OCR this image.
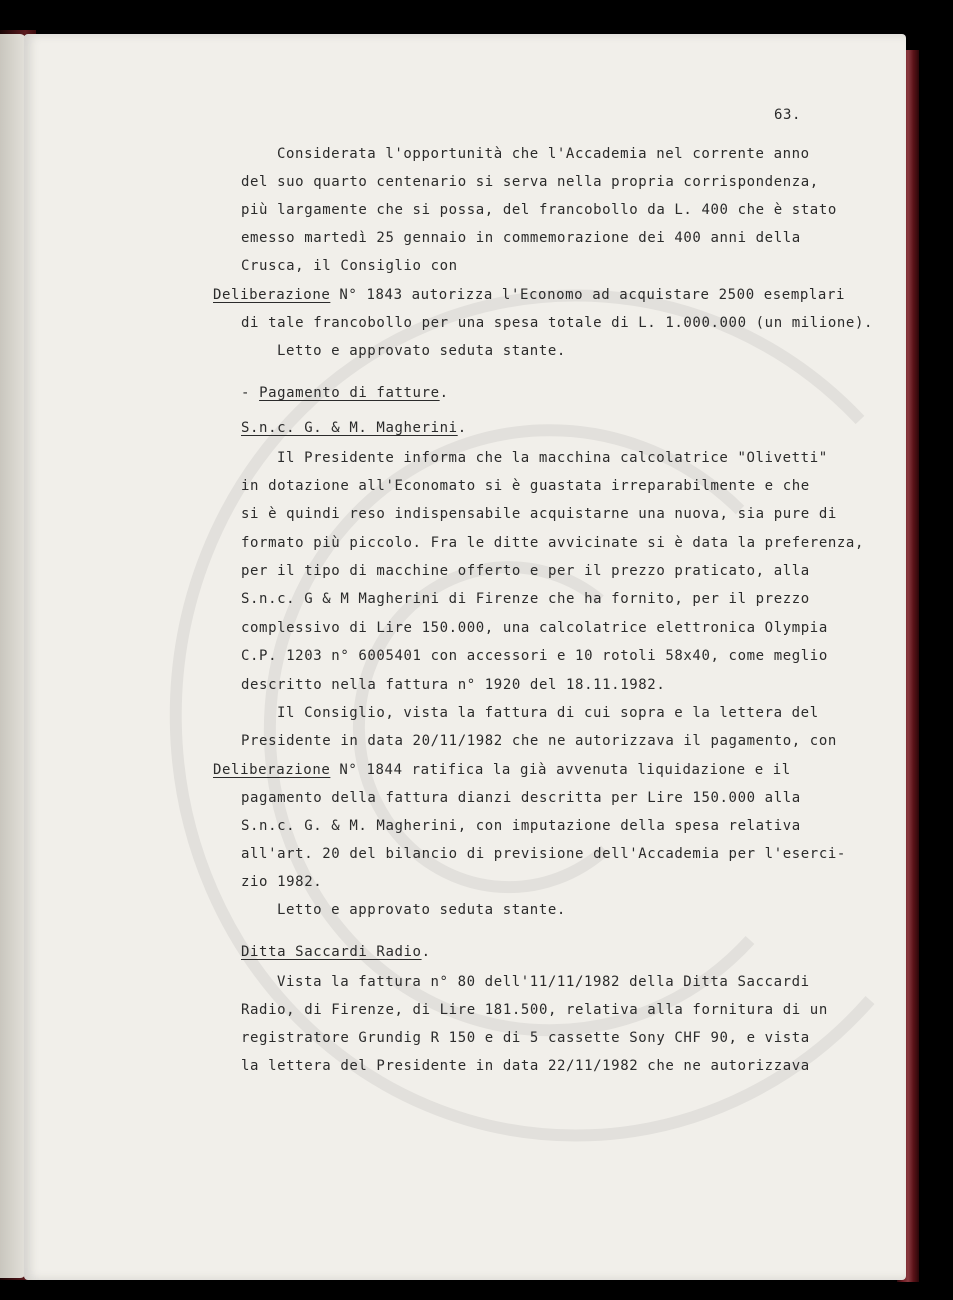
63.
Considerata l'opportunità che l'Accademia nel corrente anno
del suo quarto centenario si serva nella propria corrispondenza,
più largamente che si possa, del francobollo da L. 400 che è stato
emesso martedì 25 gennaio in commemorazione dei 400 anni della
Crusca, il Consiglio con
Deliberazione N° 1843 autorizza l'Economo ad acquistare 2500 esemplari
di tale francobollo per una spesa totale di L. 1.000.000 (un milione).
Letto e approvato seduta stante.
- Pagamento di fatture.
S.n.c. G. & M. Magherini.
Il Presidente informa che la macchina calcolatrice "Olivetti"
in dotazione all'Economato si è guastata irreparabilmente e che
si è quindi reso indispensabile acquistarne una nuova, sia pure di
formato più piccolo. Fra le ditte avvicinate si è data la preferenza,
per il tipo di macchine offerto e per il prezzo praticato, alla
S.n.c. G & M Magherini di Firenze che ha fornito, per il prezzo
complessivo di Lire 150.000, una calcolatrice elettronica Olympia
C.P. 1203 n° 6005401 con accessori e 10 rotoli 58x40, come meglio
descritto nella fattura n° 1920 del 18.11.1982.
Il Consiglio, vista la fattura di cui sopra e la lettera del
Presidente in data 20/11/1982 che ne autorizzava il pagamento, con
Deliberazione N° 1844 ratifica la già avvenuta liquidazione e il
pagamento della fattura dianzi descritta per Lire 150.000 alla
S.n.c. G. & M. Magherini, con imputazione della spesa relativa
all'art. 20 del bilancio di previsione dell'Accademia per l'eserci-
zio 1982.
Letto e approvato seduta stante.
Ditta Saccardi Radio.
Vista la fattura n° 80 dell'11/11/1982 della Ditta Saccardi
Radio, di Firenze, di Lire 181.500, relativa alla fornitura di un
registratore Grundig R 150 e di 5 cassette Sony CHF 90, e vista
la lettera del Presidente in data 22/11/1982 che ne autorizzava
